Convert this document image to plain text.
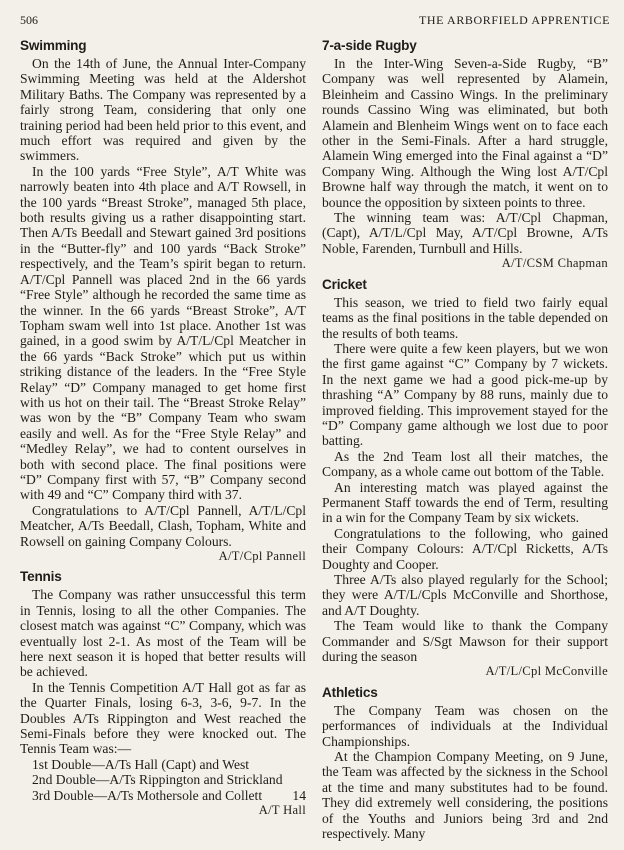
506	THE ARBORFIELD APPRENTICE
Swimming

On the 14th of June, the Annual Inter-Company Swimming Meeting was held at the Aldershot Military Baths. The Company was represented by a fairly strong Team, considering that only one training period had been held prior to this event, and much effort was required and given by the swimmers.

In the 100 yards “Free Style”, A/T White was narrowly beaten into 4th place and A/T Rowsell, in the 100 yards “Breast Stroke”, managed 5th place, both results giving us a rather disappointing start. Then A/Ts Beedall and Stewart gained 3rd positions in the “Butter-fly” and 100 yards “Back Stroke” respectively, and the Team’s spirit began to return. A/T/Cpl Pannell was placed 2nd in the 66 yards “Free Style” although he recorded the same time as the winner. In the 66 yards “Breast Stroke”, A/T Topham swam well into 1st place. Another 1st was gained, in a good swim by A/T/L/Cpl Meatcher in the 66 yards “Back Stroke” which put us within striking distance of the leaders. In the “Free Style Relay” “D” Company managed to get home first with us hot on their tail. The “Breast Stroke Relay” was won by the “B” Company Team who swam easily and well. As for the “Free Style Relay” and “Medley Relay”, we had to content ourselves in both with second place. The final positions were “D” Company first with 57, “B” Company second with 49 and “C” Company third with 37.

Congratulations to A/T/Cpl Pannell, A/T/L/Cpl Meatcher, A/Ts Beedall, Clash, Topham, White and Rowsell on gaining Company Colours.

A/T/Cpl Pannell

Tennis

The Company was rather unsuccessful this term in Tennis, losing to all the other Companies. The closest match was against “C” Company, which was eventually lost 2-1. As most of the Team will be here next season it is hoped that better results will be achieved.

In the Tennis Competition A/T Hall got as far as the Quarter Finals, losing 6-3, 3-6, 9-7. In the Doubles A/Ts Rippington and West reached the Semi-Finals before they were knocked out. The Tennis Team was:—

1st Double—A/Ts Hall (Capt) and West

2nd Double—A/Ts Rippington and Strickland

3rd Double—A/Ts Mothersole and Collett	14

A/T Hall

7-a-side Rugby

In the Inter-Wing Seven-a-Side Rugby, “B” Company was well represented by Alamein, Bleinheim and Cassino Wings. In the preliminary rounds Cassino Wing was eliminated, but both Alamein and Blenheim Wings went on to face each other in the Semi-Finals. After a hard struggle, Alamein Wing emerged into the Final against a “D” Company Wing. Although the Wing lost A/T/Cpl Browne half way through the match, it went on to bounce the opposition by sixteen points to three.

The winning team was: A/T/Cpl Chapman, (Capt), A/T/L/Cpl May, A/T/Cpl Browne, A/Ts Noble, Farenden, Turnbull and Hills.

A/T/CSM Chapman

Cricket

This season, we tried to field two fairly equal teams as the final positions in the table depended on the results of both teams.

There were quite a few keen players, but we won the first game against “C” Company by 7 wickets. In the next game we had a good pick-me-up by thrashing “A” Company by 88 runs, mainly due to improved fielding. This improvement stayed for the “D” Company game although we lost due to poor batting.

As the 2nd Team lost all their matches, the Company, as a whole came out bottom of the Table.

An interesting match was played against the Permanent Staff towards the end of Term, resulting in a win for the Company Team by six wickets.

Congratulations to the following, who gained their Company Colours: A/T/Cpl Ricketts, A/Ts Doughty and Cooper.

Three A/Ts also played regularly for the School; they were A/T/L/Cpls McConville and Shorthose, and A/T Doughty.

The Team would like to thank the Company Commander and S/Sgt Mawson for their support during the season

A/T/L/Cpl McConville

Athletics

The Company Team was chosen on the performances of individuals at the Individual Championships.

At the Champion Company Meeting, on 9 June, the Team was affected by the sickness in the School at the time and many substitutes had to be found. They did extremely well considering, the positions of the Youths and Juniors being 3rd and 2nd respectively. Many
